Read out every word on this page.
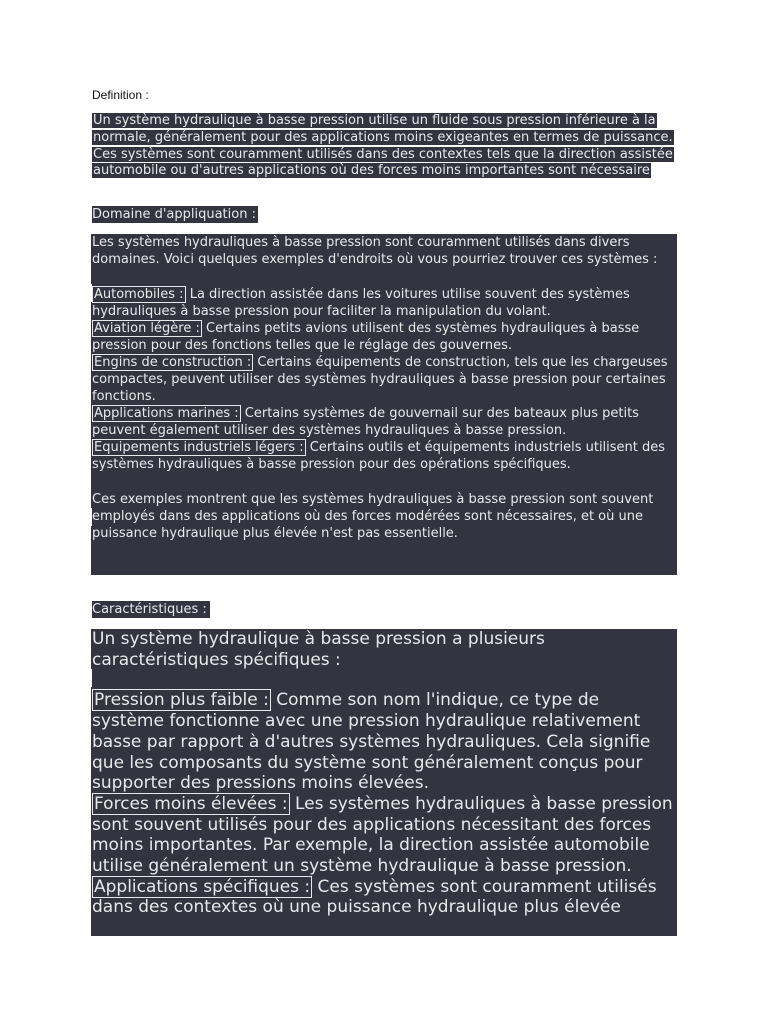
Definition :
Un système hydraulique à basse pression utilise un fluide sous pression inférieure à la normale, généralement pour des applications moins exigeantes en termes de puissance. Ces systèmes sont couramment utilisés dans des contextes tels que la direction assistée automobile ou d'autres applications où des forces moins importantes sont nécessaire
Domaine d'appliquation :

Les systèmes hydrauliques à basse pression sont couramment utilisés dans divers domaines. Voici quelques exemples d'endroits où vous pourriez trouver ces systèmes :

Automobiles : La direction assistée dans les voitures utilise souvent des systèmes hydrauliques à basse pression pour faciliter la manipulation du volant.

Aviation légère : Certains petits avions utilisent des systèmes hydrauliques à basse pression pour des fonctions telles que le réglage des gouvernes.

Engins de construction : Certains équipements de construction, tels que les chargeuses compactes, peuvent utiliser des systèmes hydrauliques à basse pression pour certaines fonctions.

Applications marines : Certains systèmes de gouvernail sur des bateaux plus petits peuvent également utiliser des systèmes hydrauliques à basse pression.

Equipements industriels légers : Certains outils et équipements industriels utilisent des systèmes hydrauliques à basse pression pour des opérations spécifiques.

Ces exemples montrent que les systèmes hydrauliques à basse pression sont souvent employés dans des applications où des forces modérées sont nécessaires, et où une puissance hydraulique plus élevée n'est pas essentielle.

Caractéristiques :

Un système hydraulique à basse pression a plusieurs caractéristiques spécifiques :

Pression plus faible : Comme son nom l'indique, ce type de système fonctionne avec une pression hydraulique relativement basse par rapport à d'autres systèmes hydrauliques. Cela signifie que les composants du système sont généralement conçus pour supporter des pressions moins élevées.

Forces moins élevées : Les systèmes hydrauliques à basse pression sont souvent utilisés pour des applications nécessitant des forces moins importantes. Par exemple, la direction assistée automobile utilise généralement un système hydraulique à basse pression.

Applications spécifiques : Ces systèmes sont couramment utilisés dans des contextes où une puissance hydraulique plus élevée
